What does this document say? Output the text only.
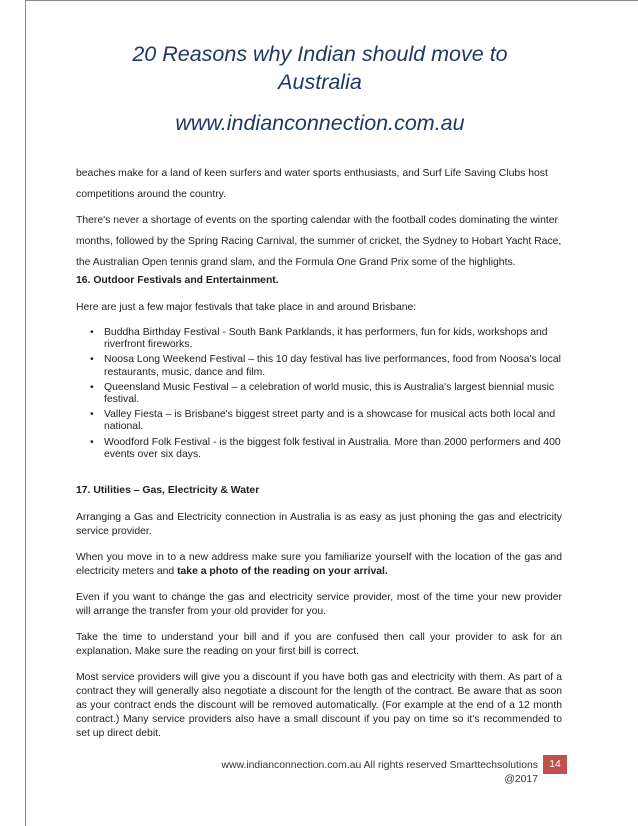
20 Reasons why Indian should move to
Australia
www.indianconnection.com.au

beaches make for a land of keen surfers and water sports enthusiasts, and Surf Life Saving Clubs host competitions around the country.

There's never a shortage of events on the sporting calendar with the football codes dominating the winter months, followed by the Spring Racing Carnival, the summer of cricket, the Sydney to Hobart Yacht Race, the Australian Open tennis grand slam, and the Formula One Grand Prix some of the highlights.

16. Outdoor Festivals and Entertainment.

Here are just a few major festivals that take place in and around Brisbane:

• Buddha Birthday Festival - South Bank Parklands, it has performers, fun for kids, workshops and riverfront fireworks.
• Noosa Long Weekend Festival – this 10 day festival has live performances, food from Noosa's local restaurants, music, dance and film.
• Queensland Music Festival – a celebration of world music, this is Australia's largest biennial music festival.
• Valley Fiesta – is Brisbane's biggest street party and is a showcase for musical acts both local and national.
• Woodford Folk Festival - is the biggest folk festival in Australia. More than 2000 performers and 400 events over six days.

17. Utilities – Gas, Electricity & Water

Arranging a Gas and Electricity connection in Australia is as easy as just phoning the gas and electricity service provider.

When you move in to a new address make sure you familiarize yourself with the location of the gas and electricity meters and take a photo of the reading on your arrival.

Even if you want to change the gas and electricity service provider, most of the time your new provider will arrange the transfer from your old provider for you.

Take the time to understand your bill and if you are confused then call your provider to ask for an explanation. Make sure the reading on your first bill is correct.

Most service providers will give you a discount if you have both gas and electricity with them. As part of a contract they will generally also negotiate a discount for the length of the contract. Be aware that as soon as your contract ends the discount will be removed automatically. (For example at the end of a 12 month contract.) Many service providers also have a small discount if you pay on time so it's recommended to set up direct debit.

www.indianconnection.com.au All rights reserved Smarttechsolutions @2017
14
